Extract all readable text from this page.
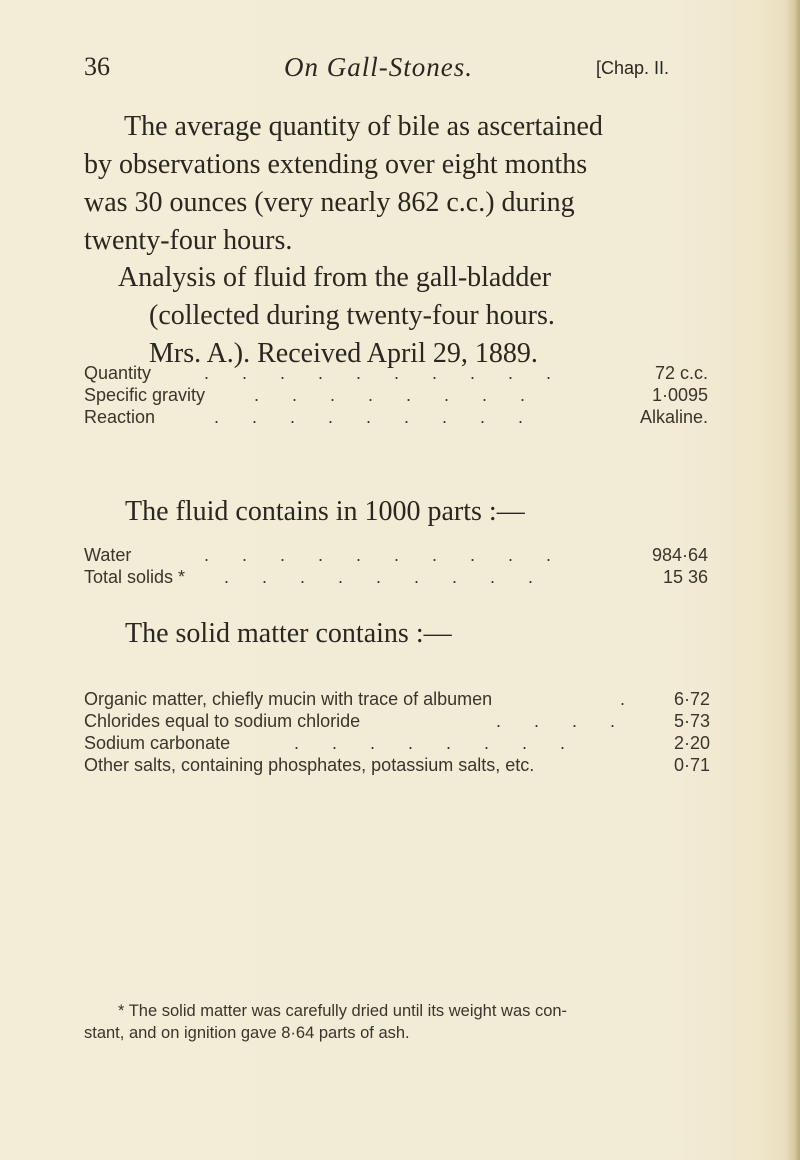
36	On Gall-Stones.	[Chap. II.
The average quantity of bile as ascertained
by observations extending over eight months
was 30 ounces (very nearly 862 c.c.) during
twenty-four hours.
Analysis of fluid from the gall-bladder
(collected during twenty-four hours.
Mrs. A.). Received April 29, 1889.
Quantity	. . . . . . . . . .	72 c.c.
Specific gravity	. . . . . . . .	1·0095
Reaction	. . . . . . . . .	Alkaline.
The fluid contains in 1000 parts :—
Water	. . . . . . . . . .	984·64
Total solids * . . . . . . . . .	15 36
The solid matter contains :—
Organic matter, chiefly mucin with trace of albumen	. 6·72
Chlorides equal to sodium chloride	. . . . 5·73
Sodium carbonate	. . . . . . . .	2·20
Other salts, containing phosphates, potassium salts, etc.	0·71
* The solid matter was carefully dried until its weight was con-
stant, and on ignition gave 8·64 parts of ash.
